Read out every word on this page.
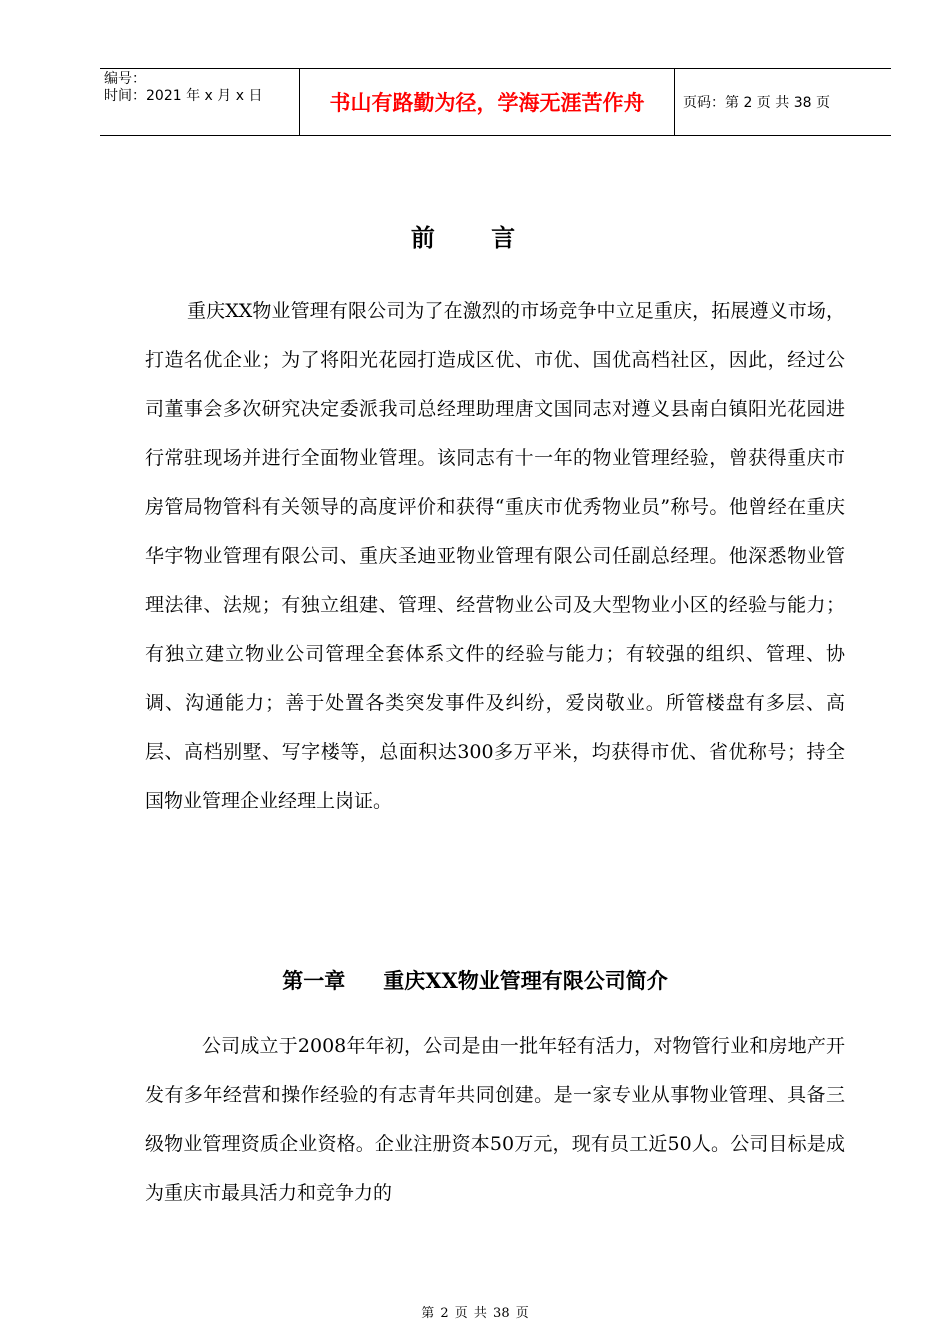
编号：
时间：2021 年 x 月 x 日	书山有路勤为径，学海无涯苦作舟	页码：第 2 页 共 38 页
前 言

重庆XX物业管理有限公司为了在激烈的市场竞争中立足重庆，拓展遵义市场，打造名优企业；为了将阳光花园打造成区优、市优、国优高档社区，因此，经过公司董事会多次研究决定委派我司总经理助理唐文国同志对遵义县南白镇阳光花园进行常驻现场并进行全面物业管理。该同志有十一年的物业管理经验，曾获得重庆市房管局物管科有关领导的高度评价和获得“重庆市优秀物业员”称号。他曾经在重庆华宇物业管理有限公司、重庆圣迪亚物业管理有限公司任副总经理。他深悉物业管理法律、法规；有独立组建、管理、经营物业公司及大型物业小区的经验与能力；有独立建立物业公司管理全套体系文件的经验与能力；有较强的组织、管理、协调、沟通能力；善于处置各类突发事件及纠纷，爱岗敬业。所管楼盘有多层、高层、高档别墅、写字楼等，总面积达300多万平米，均获得市优、省优称号；持全国物业管理企业经理上岗证。

第一章 重庆XX物业管理有限公司简介

公司成立于2008年年初，公司是由一批年轻有活力，对物管行业和房地产开发有多年经营和操作经验的有志青年共同创建。是一家专业从事物业管理、具备三级物业管理资质企业资格。企业注册资本50万元，现有员工近50人。公司目标是成为重庆市最具活力和竞争力的

第 2 页 共 38 页
